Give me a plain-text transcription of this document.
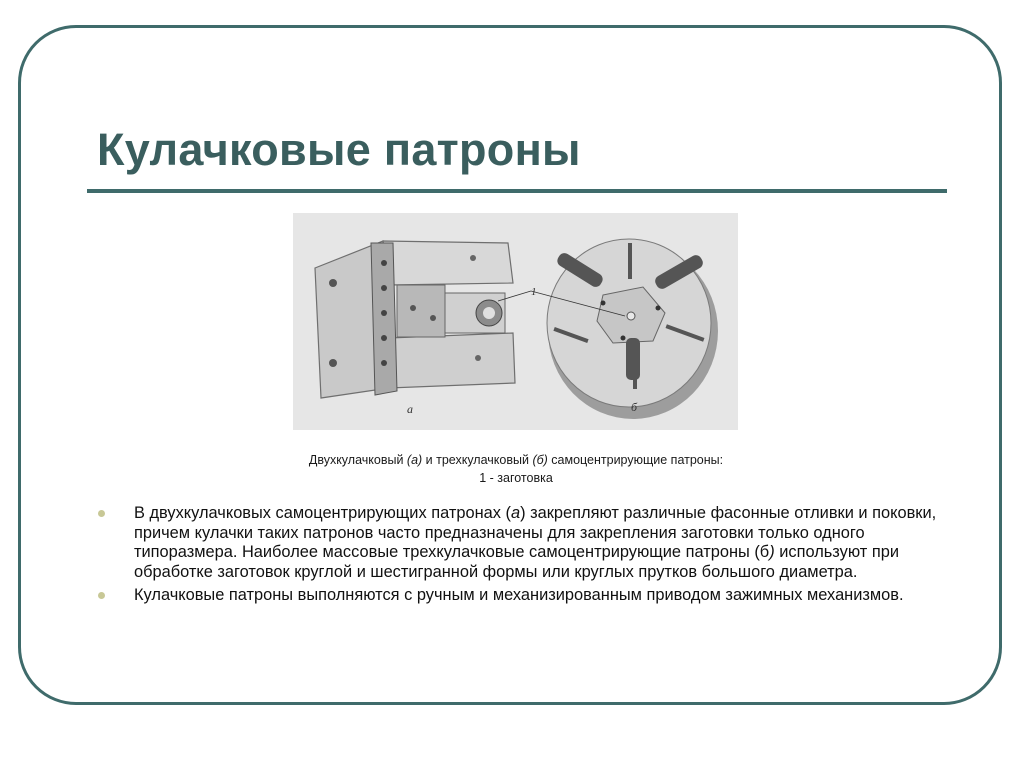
Кулачковые патроны
а
1
б
Двухкулачковый (а) и трехкулачковый (б) самоцентрирующие патроны:
1 - заготовка
В двухкулачковых самоцентрирующих патронах (а) закрепляют различные фасонные отливки и поковки, причем кулачки таких патронов часто предназначены для закрепления заготовки только одного типоразмера. Наиболее массовые трехкулачковые самоцентрирующие патроны (б) используют при обработке заготовок круглой и шестигранной формы или круглых прутков большого диаметра.
Кулачковые патроны выполняются с ручным и механизированным приводом зажимных механизмов.
